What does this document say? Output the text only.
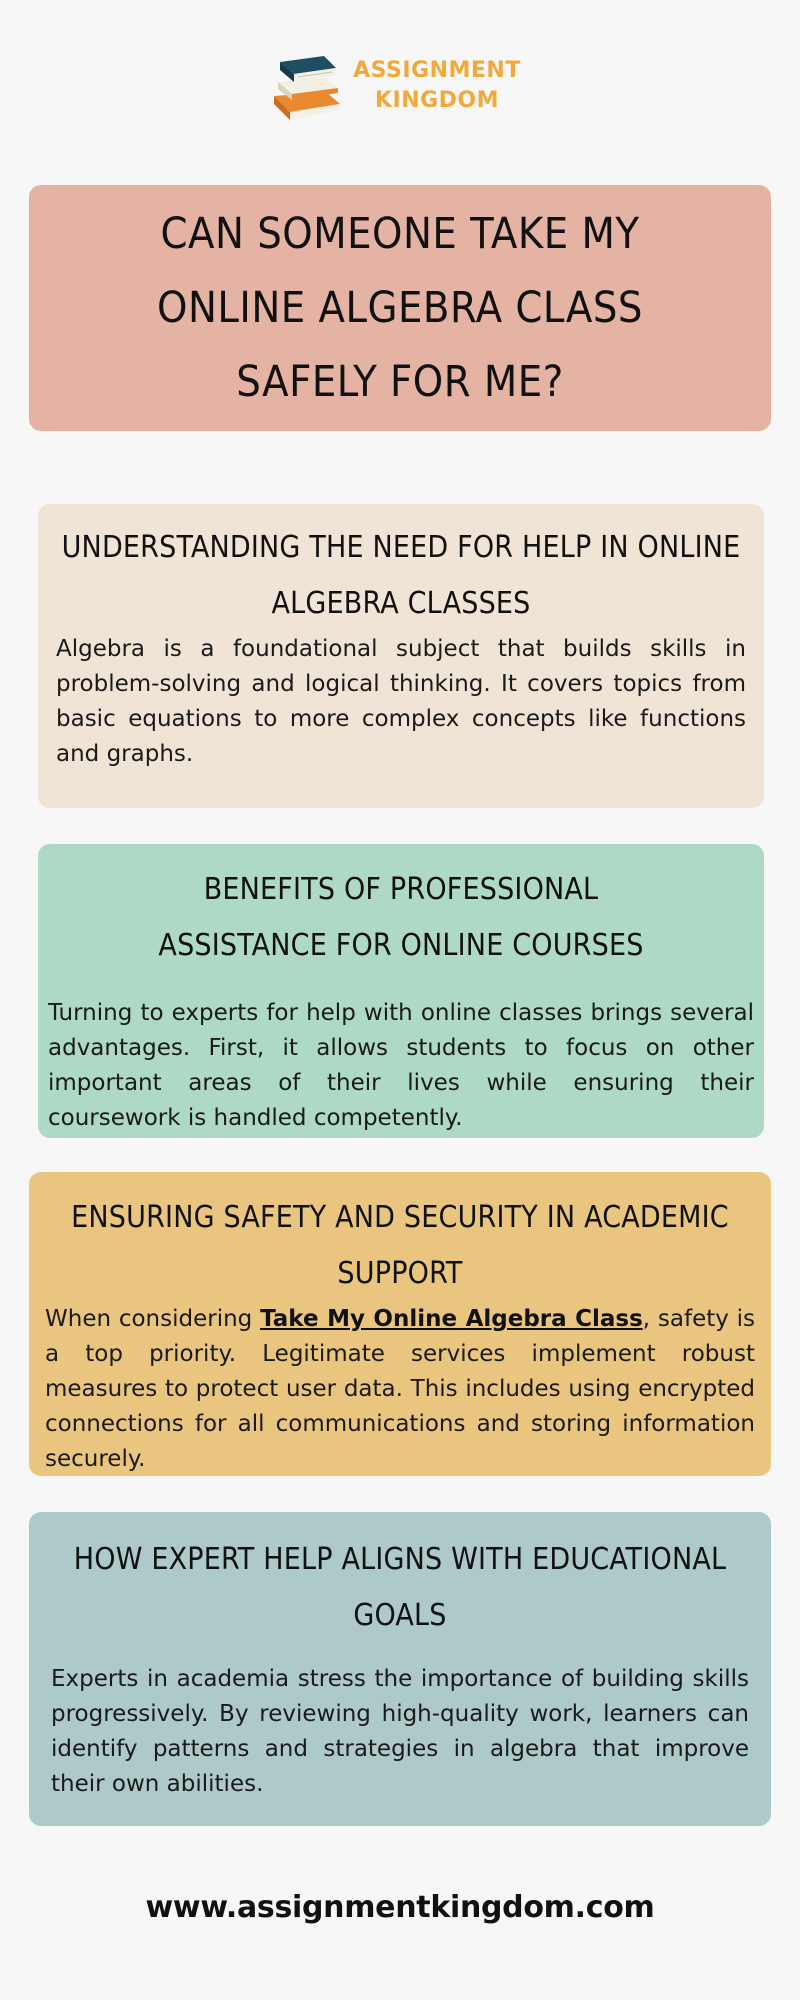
ASSIGNMENT
KINGDOM
CAN SOMEONE TAKE MY ONLINE ALGEBRA CLASS SAFELY FOR ME?
UNDERSTANDING THE NEED FOR HELP IN ONLINE ALGEBRA CLASSES

Algebra is a foundational subject that builds skills in problem-solving and logical thinking. It covers topics from basic equations to more complex concepts like functions and graphs.

BENEFITS OF PROFESSIONAL ASSISTANCE FOR ONLINE COURSES

Turning to experts for help with online classes brings several advantages. First, it allows students to focus on other important areas of their lives while ensuring their coursework is handled competently.

ENSURING SAFETY AND SECURITY IN ACADEMIC SUPPORT

When considering Take My Online Algebra Class, safety is a top priority. Legitimate services implement robust measures to protect user data. This includes using encrypted connections for all communications and storing information securely.

HOW EXPERT HELP ALIGNS WITH EDUCATIONAL GOALS

Experts in academia stress the importance of building skills progressively. By reviewing high-quality work, learners can identify patterns and strategies in algebra that improve their own abilities.

www.assignmentkingdom.com
